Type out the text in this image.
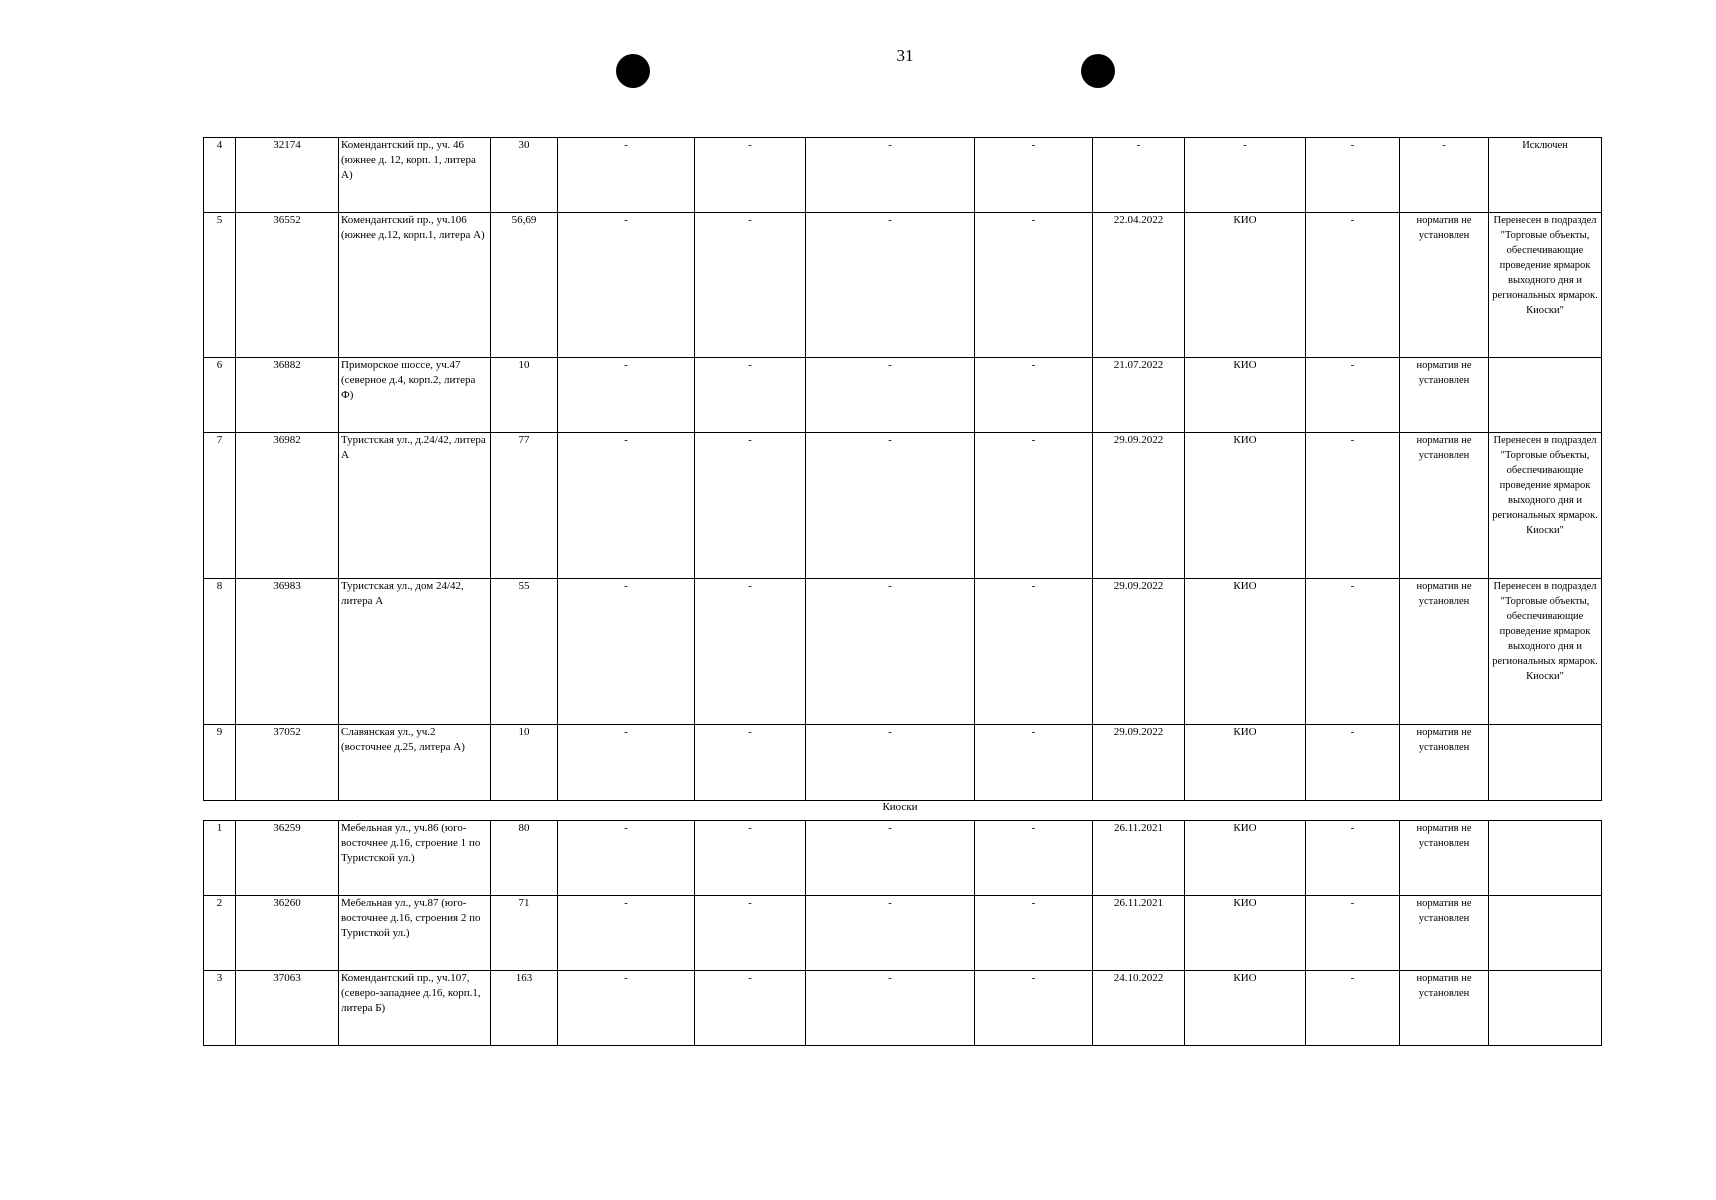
31
4	32174	Комендантский пр., уч. 46 (южнее д. 12, корп. 1, литера А)	30	-	-	-	-	-	-	-	-	Исключен
5	36552	Комендантский пр., уч.106 (южнее д.12, корп.1, литера А)	56,69	-	-	-	-	22.04.2022	КИО	-	норматив не установлен	Перенесен в подраздел "Торговые объекты, обеспечивающие проведение ярмарок выходного дня и региональных ярмарок. Киоски"
6	36882	Приморское шоссе, уч.47 (северное д.4, корп.2, литера Ф)	10	-	-	-	-	21.07.2022	КИО	-	норматив не установлен	
7	36982	Туристская ул., д.24/42, литера А	77	-	-	-	-	29.09.2022	КИО	-	норматив не установлен	Перенесен в подраздел "Торговые объекты, обеспечивающие проведение ярмарок выходного дня и региональных ярмарок. Киоски"
8	36983	Туристская ул., дом 24/42, литера А	55	-	-	-	-	29.09.2022	КИО	-	норматив не установлен	Перенесен в подраздел "Торговые объекты, обеспечивающие проведение ярмарок выходного дня и региональных ярмарок. Киоски"
9	37052	Славянская ул., уч.2 (восточнее д.25, литера А)	10	-	-	-	-	29.09.2022	КИО	-	норматив не установлен	
Киоски
1	36259	Мебельная ул., уч.86 (юго-восточнее д.16, строение 1 по Туристской ул.)	80	-	-	-	-	26.11.2021	КИО	-	норматив не установлен	
2	36260	Мебельная ул., уч.87 (юго-восточнее д.16, строения 2 по Туристкой ул.)	71	-	-	-	-	26.11.2021	КИО	-	норматив не установлен	
3	37063	Комендантский пр., уч.107, (северо-западнее д.16, корп.1, литера Б)	163	-	-	-	-	24.10.2022	КИО	-	норматив не установлен	
